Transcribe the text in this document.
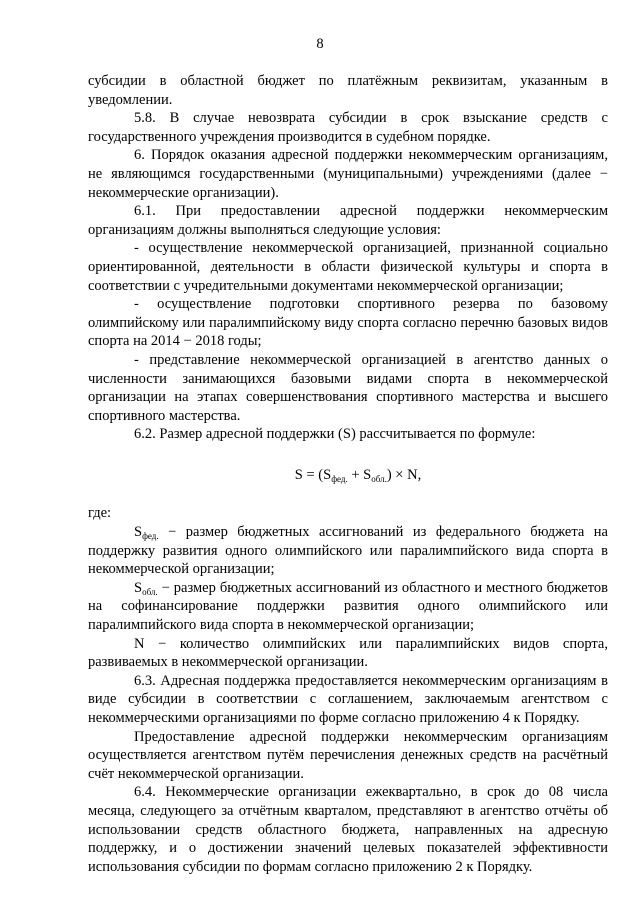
8

субсидии в областной бюджет по платёжным реквизитам, указанным в уведомлении.

5.8. В случае невозврата субсидии в срок взыскание средств с государственного учреждения производится в судебном порядке.

6. Порядок оказания адресной поддержки некоммерческим организациям, не являющимся государственными (муниципальными) учреждениями (далее − некоммерческие организации).

6.1. При предоставлении адресной поддержки некоммерческим организациям должны выполняться следующие условия:

- осуществление некоммерческой организацией, признанной социально ориентированной, деятельности в области физической культуры и спорта в соответствии с учредительными документами некоммерческой организации;

- осуществление подготовки спортивного резерва по базовому олимпийскому или паралимпийскому виду спорта согласно перечню базовых видов спорта на 2014 − 2018 годы;

- представление некоммерческой организацией в агентство данных о численности занимающихся базовыми видами спорта в некоммерческой организации на этапах совершенствования спортивного мастерства и высшего спортивного мастерства.

6.2. Размер адресной поддержки (S) рассчитывается по формуле:

$S = (S_{фед.} + S_{обл.}) \times N$,

где:

$S_{фед.}$ − размер бюджетных ассигнований из федерального бюджета на поддержку развития одного олимпийского или паралимпийского вида спорта в некоммерческой организации;

$S_{обл.}$ − размер бюджетных ассигнований из областного и местного бюджетов на софинансирование поддержки развития одного олимпийского или паралимпийского вида спорта в некоммерческой организации;

N − количество олимпийских или паралимпийских видов спорта, развиваемых в некоммерческой организации.

6.3. Адресная поддержка предоставляется некоммерческим организациям в виде субсидии в соответствии с соглашением, заключаемым агентством с некоммерческими организациями по форме согласно приложению 4 к Порядку.

Предоставление адресной поддержки некоммерческим организациям осуществляется агентством путём перечисления денежных средств на расчётный счёт некоммерческой организации.

6.4. Некоммерческие организации ежеквартально, в срок до 08 числа месяца, следующего за отчётным кварталом, представляют в агентство отчёты об использовании средств областного бюджета, направленных на адресную поддержку, и о достижении значений целевых показателей эффективности использования субсидии по формам согласно приложению 2 к Порядку.
